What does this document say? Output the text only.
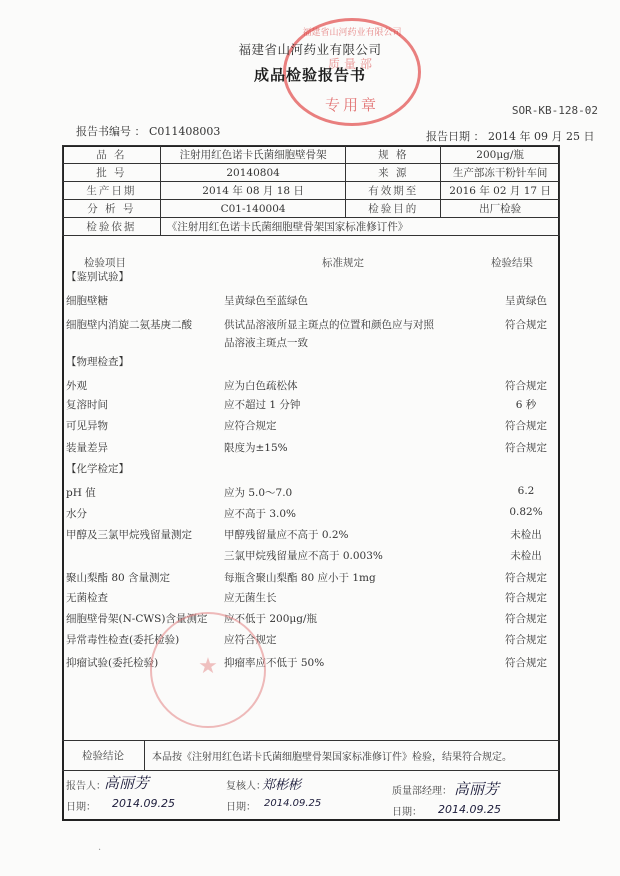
福建省山河药业有限公司
质量部
专用章
福建省山河药业有限公司
成品检验报告书
SOR-KB-128-02
报告书编号 ： C011408003	报告日期 ： 2014 年 09 月 25 日
品 名	注射用红色诺卡氏菌细胞壁骨架	规 格	200μg/瓶
批 号	20140804	来 源	生产部冻干粉针车间
生产日期	2014 年 08 月 18 日	有效期至	2016 年 02 月 17 日
分 析 号	C01-140004	检验目的	出厂检验
检验依据	《注射用红色诺卡氏菌细胞壁骨架国家标准修订件》		
检验项目	标准规定	检验结果
【鉴别试验】
细胞壁糖	呈黄绿色至蓝绿色	呈黄绿色
细胞壁内消旋二氨基庚二酸	供试品溶液所显主斑点的位置和颜色应与对照	符合规定
品溶液主斑点一致
【物理检查】
外观	应为白色疏松体	符合规定
复溶时间	应不超过 1 分钟	6 秒
可见异物	应符合规定	符合规定
装量差异	限度为±15%	符合规定
【化学检定】
pH 值	应为 5.0～7.0	6.2
水分	应不高于 3.0%	0.82%
甲醇及三氯甲烷残留量测定	甲醇残留量应不高于 0.2%	未检出
三氯甲烷残留量应不高于 0.003%	未检出
聚山梨酯 80 含量测定	每瓶含聚山梨酯 80 应小于 1mg	符合规定
无菌检查	应无菌生长	符合规定
细胞壁骨架(N-CWS)含量测定 应不低于 200μg/瓶	符合规定
异常毒性检查(委托检验)	应符合规定	符合规定
抑瘤试验(委托检验)	抑瘤率应不低于 50%	符合规定
★
检验结论	本品按《注射用红色诺卡氏菌细胞壁骨架国家标准修订件》检验，结果符合规定。
报告人：
高丽芳
日期： 2014.09.25
复核人：
郑彬彬
日期： 2014.09.25
质量部经理： 高丽芳
日期： 2014.09.25
·
